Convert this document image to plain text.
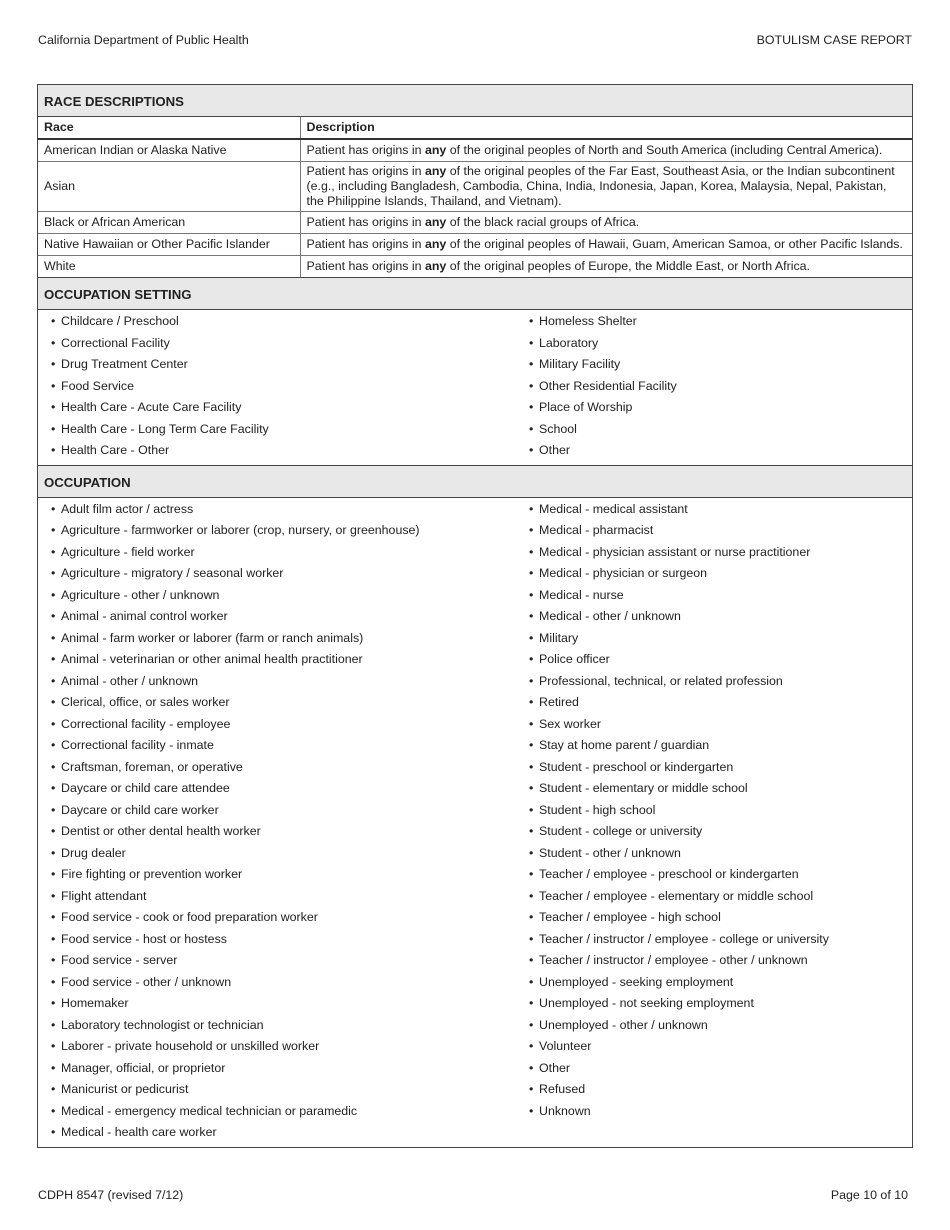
California Department of Public Health	BOTULISM CASE REPORT
RACE DESCRIPTIONS
Race	Description
American Indian or Alaska Native	Patient has origins in any of the original peoples of North and South America (including Central America).
Asian	Patient has origins in any of the original peoples of the Far East, Southeast Asia, or the Indian subcontinent (e.g., including Bangladesh, Cambodia, China, India, Indonesia, Japan, Korea, Malaysia, Nepal, Pakistan, the Philippine Islands, Thailand, and Vietnam).
Black or African American	Patient has origins in any of the black racial groups of Africa.
Native Hawaiian or Other Pacific Islander	Patient has origins in any of the original peoples of Hawaii, Guam, American Samoa, or other Pacific Islands.
White	Patient has origins in any of the original peoples of Europe, the Middle East, or North Africa.
OCCUPATION SETTING
• Childcare / Preschool
• Correctional Facility
• Drug Treatment Center
• Food Service
• Health Care - Acute Care Facility
• Health Care - Long Term Care Facility
• Health Care - Other
• Homeless Shelter
• Laboratory
• Military Facility
• Other Residential Facility
• Place of Worship
• School
• Other
OCCUPATION
• Adult film actor / actress
• Agriculture - farmworker or laborer (crop, nursery, or greenhouse)
• Agriculture - field worker
• Agriculture - migratory / seasonal worker
• Agriculture - other / unknown
• Animal - animal control worker
• Animal - farm worker or laborer (farm or ranch animals)
• Animal - veterinarian or other animal health practitioner
• Animal - other / unknown
• Clerical, office, or sales worker
• Correctional facility - employee
• Correctional facility - inmate
• Craftsman, foreman, or operative
• Daycare or child care attendee
• Daycare or child care worker
• Dentist or other dental health worker
• Drug dealer
• Fire fighting or prevention worker
• Flight attendant
• Food service - cook or food preparation worker
• Food service - host or hostess
• Food service - server
• Food service - other / unknown
• Homemaker
• Laboratory technologist or technician
• Laborer - private household or unskilled worker
• Manager, official, or proprietor
• Manicurist or pedicurist
• Medical - emergency medical technician or paramedic
• Medical - health care worker
• Medical - medical assistant
• Medical - pharmacist
• Medical - physician assistant or nurse practitioner
• Medical - physician or surgeon
• Medical - nurse
• Medical - other / unknown
• Military
• Police officer
• Professional, technical, or related profession
• Retired
• Sex worker
• Stay at home parent / guardian
• Student - preschool or kindergarten
• Student - elementary or middle school
• Student - high school
• Student - college or university
• Student - other / unknown
• Teacher / employee - preschool or kindergarten
• Teacher / employee - elementary or middle school
• Teacher / employee - high school
• Teacher / instructor / employee - college or university
• Teacher / instructor / employee - other / unknown
• Unemployed - seeking employment
• Unemployed - not seeking employment
• Unemployed - other / unknown
• Volunteer
• Other
• Refused
• Unknown
CDPH 8547 (revised 7/12)	Page 10 of 10
